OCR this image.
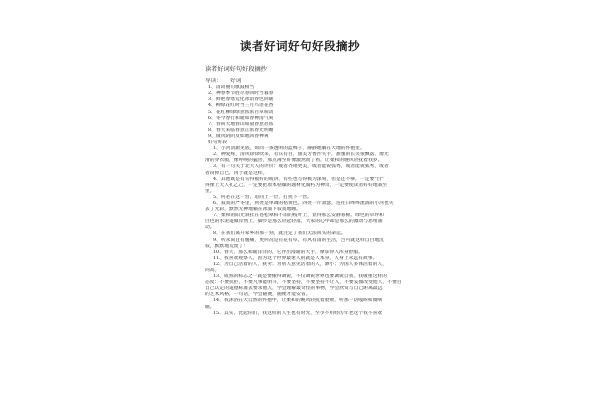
读者好词好句好段摘抄
读者好词好句好段摘抄
导读：　　好词
1、清词丽句旗鼓相当
2、神春季节胜尽春回时当暮春
3、鲜艳春寒荒化冰消春色回暖
4、柳绿花红时当三月鸟语花香
5、花红柳绿绿意浓浓百草萌动
6、冬今春行和暖如春神清气爽
7、春回大地春山如黛春意甚浓
8、春天来临春意正浓春光明媚
9、微风阴阴及如地回春神爽
好句好段
1、小河清澈见底，如同一条透明的蓝绸子，静静地躺在大地的怀抱里。
2、种爱疼，清风徐徐吹来，有宾有目，甜美芳香沙失手，甜蜜的长笑很飘落，像光
滑的穿衣服，像呼唤的猛兽，那点薄至好像激然而了看，让柔和的晚风轻抚着我岁。
3、有一句关于北大人的评价：或者齐翔更美，或者能锐弧秀，或者能锐弧秀，或者
者窃掉自已，再于就是这样。
4、其他既是有句得福好的或讲，有些也写得极为深刻，但是还不够，一定要"白"
得像上天人孔乙己，一定要把原本枯燥的题材化腐朽为神奇，一定要使读者好好地栽至
里。
5、何必在这一营，追问上一层，打扰下一营。
6、寂寞的严冬里，到处是单调的枯黄色。四处一片萧瑟，连往日哗哗流淌的小河也失
去了光彩，默然无神地躺在冰面下寂寞地睡。
7、柔和的阳光斜挂在苍松翠柏不雨的枝叶上，显得那么安静寡棉。绿色的草坪和
白色的水泥道做岸然上，脚步是那么轻起轻落，大家的心中却是那么的激动与思绪涌
动。
8、在我们离开家乡的那一刻，就注定了我们无法回头的命运。
9、听永尚且有腹痛，更何况是有花有草，有风有雨的生活，岂可就这样自白地沉
寂，默默地荒废了！
10、春天，那么和暖洋洋的，它伴出漫暖的大手，摩挲得人浑身舒服。
11、我喜欢观察人，因为这个世界最迷人的就是人本身，人身上永远有故事。
12、为自己活着的人，狭劣；为别人意见活着的人，渺小；为国人多体活着的人，
尚高。
13、成熟的标志之一就是要懂得调锐，不仅调锐世界也要调锐自我，我敬重这样的
态度：不要抗拒，不要凡事能明斗，不要坚持，不要坚持不让人，不要妄图改变他人，不要目
自己认定的道德标准去要求他人，学会理解最奇怪的事物，学会欣赏与自己距离最远
的艺术风格，一句话，学会随便，随便才能安省。
14、我沐浴在大自然的怀抱中，让柔和的晚风轻抚着脸颊，听那一切嘎叫和微响
瞧。
15、其实，比起你们，我这样的人生也有时光，至少不用经历年老这个我不喜欢
